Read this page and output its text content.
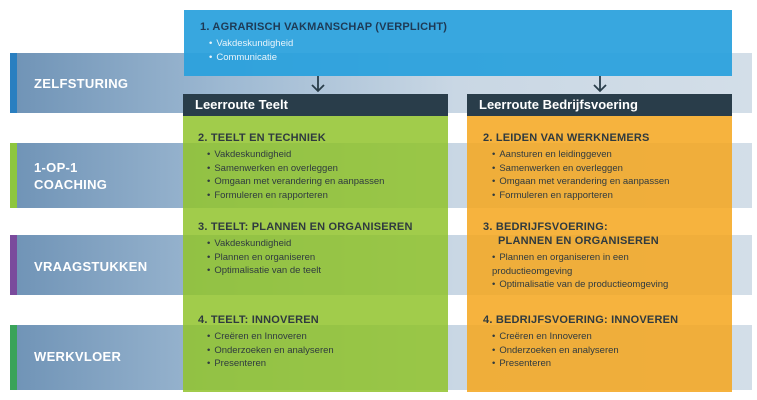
ZELFSTURING
1-OP-1 COACHING
VRAAGSTUKKEN
WERKVLOER
Leerroute Teelt	Leerroute Bedrijfsvoering
1. AGRARISCH VAKMANSCHAP (VERPLICHT)
• Vakdeskundigheid
• Communicatie
2. TEELT EN TECHNIEK
• Vakdeskundigheid
• Samenwerken en overleggen
• Omgaan met verandering en aanpassen
• Formuleren en rapporteren
3. TEELT: PLANNEN EN ORGANISEREN
• Vakdeskundigheid
• Plannen en organiseren
• Optimalisatie van de teelt
4. TEELT: INNOVEREN
• Creëren en Innoveren
• Onderzoeken en analyseren
• Presenteren
2. LEIDEN VAN WERKNEMERS
• Aansturen en leidinggeven
• Samenwerken en overleggen
• Omgaan met verandering en aanpassen
• Formuleren en rapporteren
3. BEDRIJFSVOERING:
PLANNEN EN ORGANISEREN
• Plannen en organiseren in een productieomgeving
• Optimalisatie van de productieomgeving
4. BEDRIJFSVOERING: INNOVEREN
• Creëren en Innoveren
• Onderzoeken en analyseren
• Presenteren
